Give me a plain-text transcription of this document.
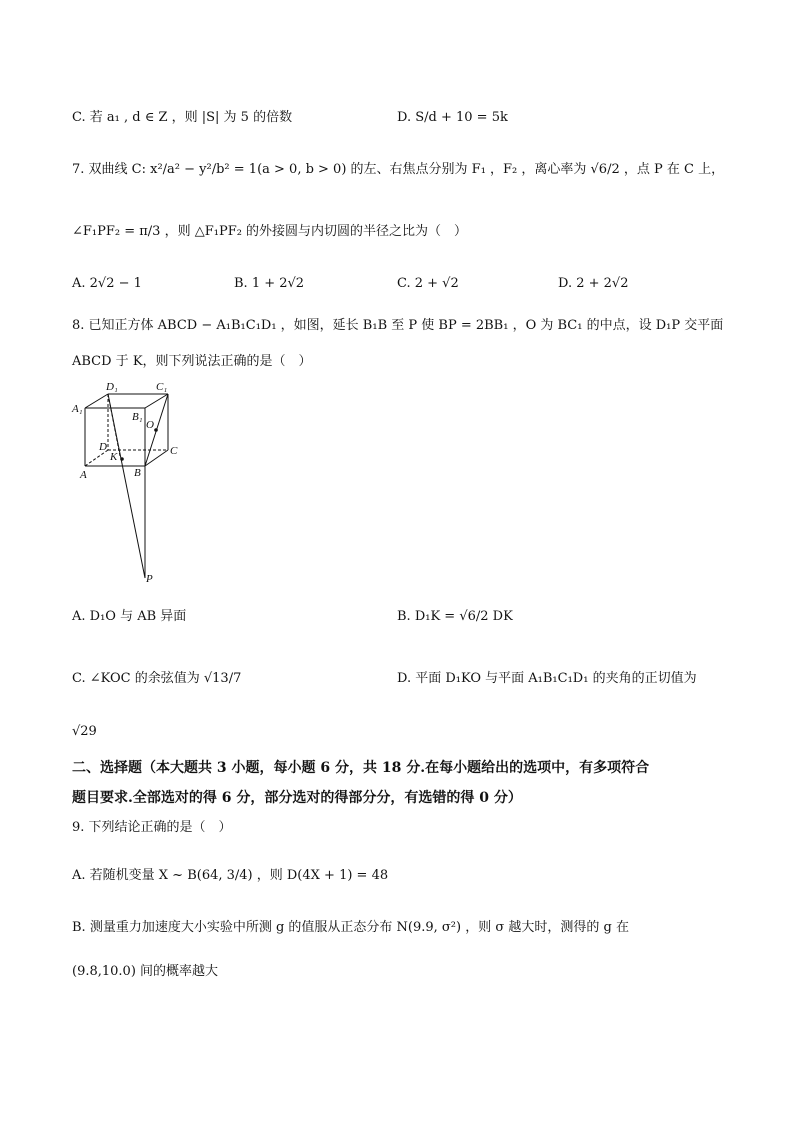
C. 若 a₁ , d ∈ Z ，则 |S| 为 5 的倍数	D. S/d + 10 = 5k
7. 双曲线 C: x²/a² − y²/b² = 1(a > 0, b > 0) 的左、右焦点分别为 F₁ ，F₂ ，离心率为 √6/2 ，点 P 在 C 上，
∠F₁PF₂ = π/3 ，则 △F₁PF₂ 的外接圆与内切圆的半径之比为（　）
A. 2√2 − 1	B. 1 + 2√2	C. 2 + √2	D. 2 + 2√2
8. 已知正方体 ABCD − A₁B₁C₁D₁ ，如图，延长 B₁B 至 P 使 BP = 2BB₁ ，O 为 BC₁ 的中点，设 D₁P 交平面
ABCD 于 K，则下列说法正确的是（　）
D₁	C₁
A₁
B₁
O
D
K	C
A	B
P
A. D₁O 与 AB 异面	B. D₁K = √6/2 DK
C. ∠KOC 的余弦值为 √13/7	D. 平面 D₁KO 与平面 A₁B₁C₁D₁ 的夹角的正切值为
√29
二、选择题（本大题共 3 小题，每小题 6 分，共 18 分.在每小题给出的选项中，有多项符合
题目要求.全部选对的得 6 分，部分选对的得部分分，有选错的得 0 分）
9. 下列结论正确的是（　）
A. 若随机变量 X ~ B(64, 3/4) ，则 D(4X + 1) = 48
B. 测量重力加速度大小实验中所测 g 的值服从正态分布 N(9.9, σ²) ，则 σ 越大时，测得的 g 在
(9.8,10.0) 间的概率越大
